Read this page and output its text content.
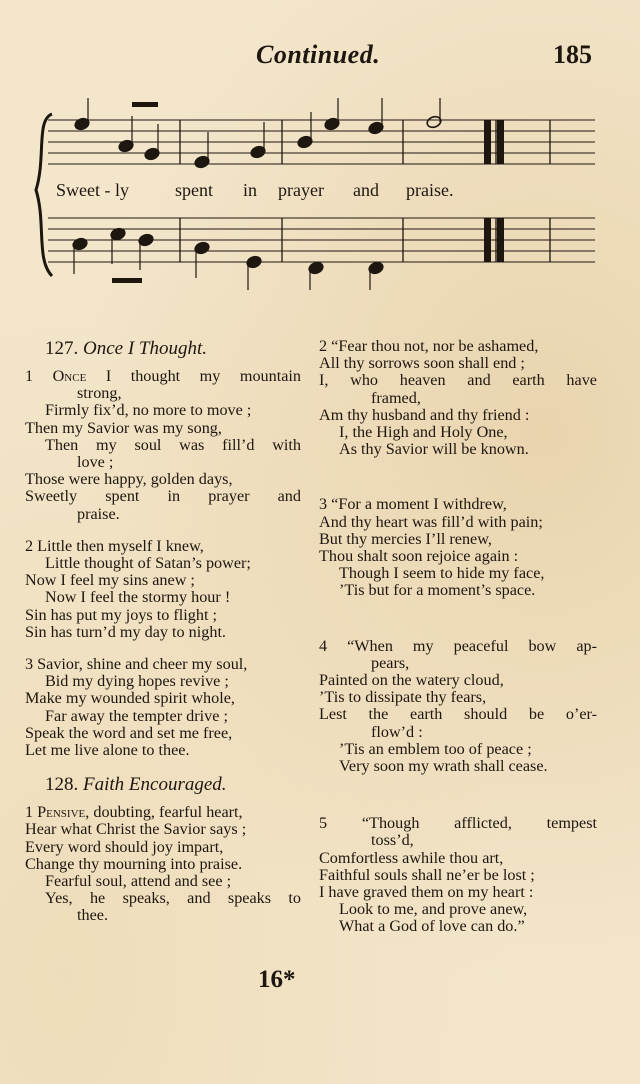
Continued.	185
Sweet - ly	spent in prayer and praise.
127. Once I Thought.
1 Once I thought my mountain
strong,
Firmly fix’d, no more to move ;
Then my Savior was my song,
Then my soul was fill’d with
love ;
Those were happy, golden days,
Sweetly spent in prayer and
praise.
2 Little then myself I knew,
Little thought of Satan’s power;
Now I feel my sins anew ;
Now I feel the stormy hour !
Sin has put my joys to flight ;
Sin has turn’d my day to night.
3 Savior, shine and cheer my soul,
Bid my dying hopes revive ;
Make my wounded spirit whole,
Far away the tempter drive ;
Speak the word and set me free,
Let me live alone to thee.
128. Faith Encouraged.
1 Pensive, doubting, fearful heart,
Hear what Christ the Savior says ;
Every word should joy impart,
Change thy mourning into praise.
Fearful soul, attend and see ;
Yes, he speaks, and speaks to
thee.
2 “Fear thou not, nor be ashamed,
All thy sorrows soon shall end ;
I, who heaven and earth have
framed,
Am thy husband and thy friend :
I, the High and Holy One,
As thy Savior will be known.
3 “For a moment I withdrew,
And thy heart was fill’d with pain;
But thy mercies I’ll renew,
Thou shalt soon rejoice again :
Though I seem to hide my face,
’Tis but for a moment’s space.
4 “When my peaceful bow ap-
pears,
Painted on the watery cloud,
’Tis to dissipate thy fears,
Lest the earth should be o’er-
flow’d :
’Tis an emblem too of peace ;
Very soon my wrath shall cease.
5 “Though afflicted, tempest
toss’d,
Comfortless awhile thou art,
Faithful souls shall ne’er be lost ;
I have graved them on my heart :
Look to me, and prove anew,
What a God of love can do.”
16*
